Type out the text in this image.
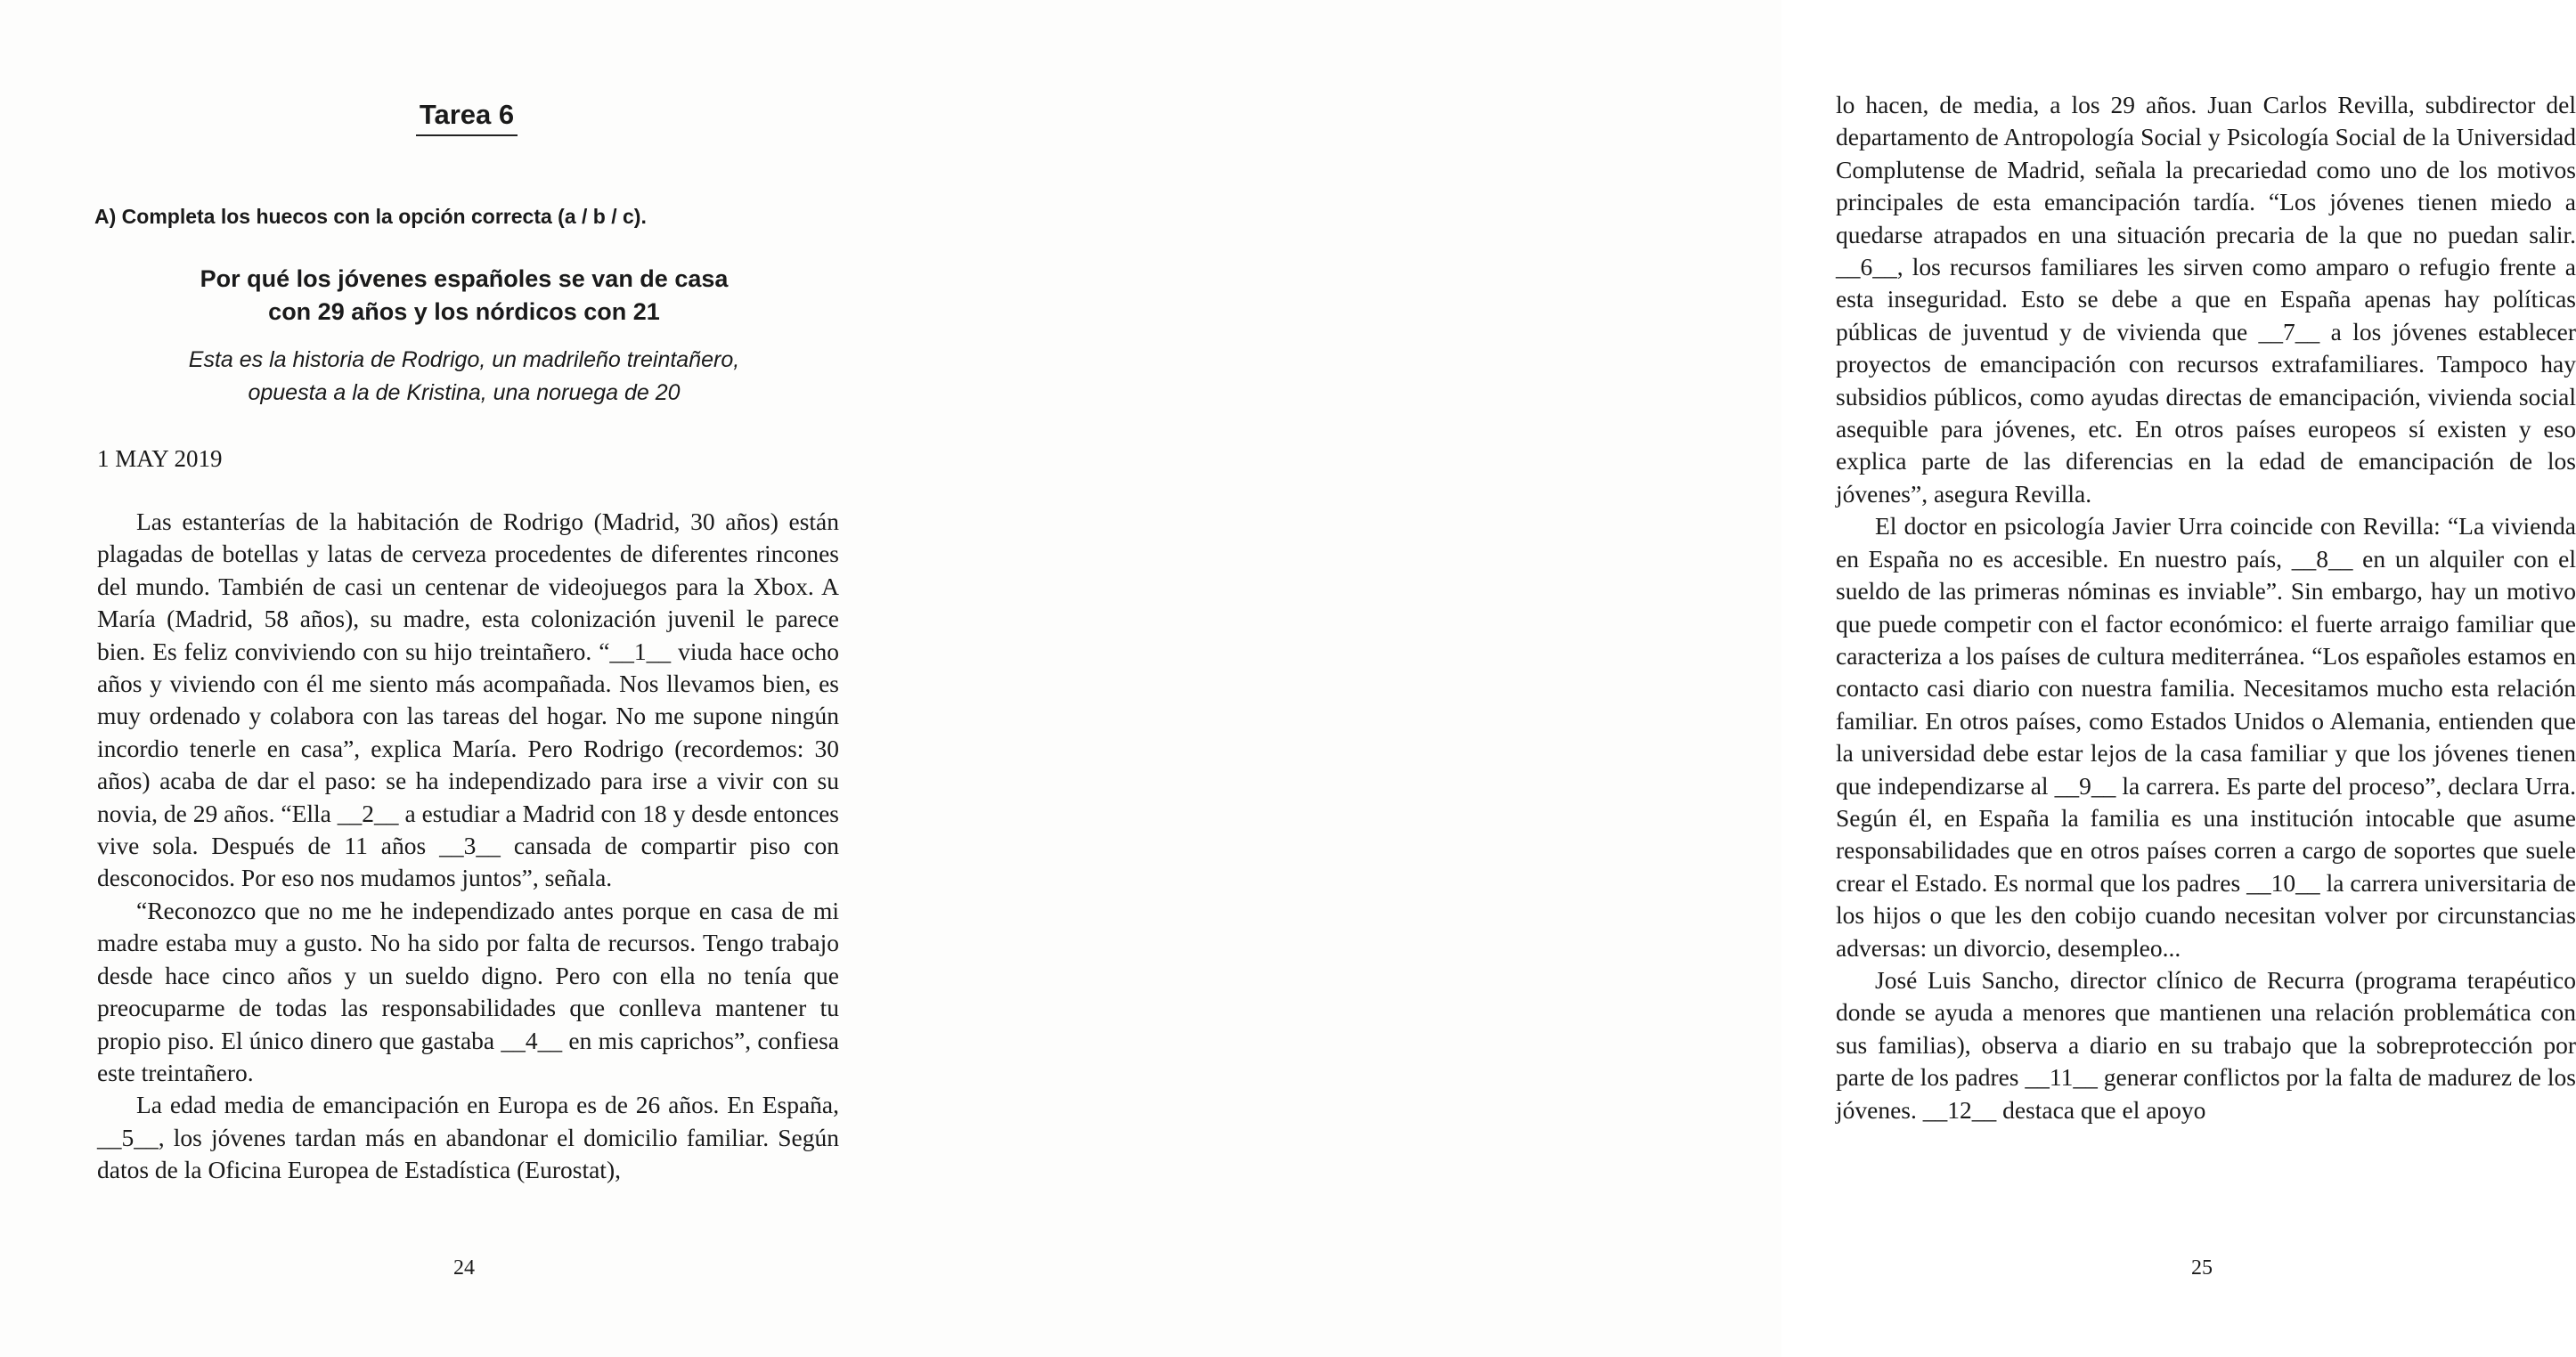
Tarea 6
A) Completa los huecos con la opción correcta (a / b / c).
Por qué los jóvenes españoles se van de casa
con 29 años y los nórdicos con 21
Esta es la historia de Rodrigo, un madrileño treintañero,
opuesta a la de Kristina, una noruega de 20
1 MAY 2019

Las estanterías de la habitación de Rodrigo (Madrid, 30 años) están plagadas de botellas y latas de cerveza procedentes de diferentes rincones del mundo. También de casi un centenar de videojuegos para la Xbox. A María (Madrid, 58 años), su madre, esta colonización juvenil le parece bien. Es feliz conviviendo con su hijo treintañero. “__1__ viuda hace ocho años y viviendo con él me siento más acompañada. Nos llevamos bien, es muy ordenado y colabora con las tareas del hogar. No me supone ningún incordio tenerle en casa”, explica María. Pero Rodrigo (recordemos: 30 años) acaba de dar el paso: se ha independizado para irse a vivir con su novia, de 29 años. “Ella __2__ a estudiar a Madrid con 18 y desde entonces vive sola. Después de 11 años __3__ cansada de compartir piso con desconocidos. Por eso nos mudamos juntos”, señala.

“Reconozco que no me he independizado antes porque en casa de mi madre estaba muy a gusto. No ha sido por falta de recursos. Tengo trabajo desde hace cinco años y un sueldo digno. Pero con ella no tenía que preocuparme de todas las responsabilidades que conlleva mantener tu propio piso. El único dinero que gastaba __4__ en mis caprichos”, confiesa este treintañero.

La edad media de emancipación en Europa es de 26 años. En España, __5__, los jóvenes tardan más en abandonar el domicilio familiar. Según datos de la Oficina Europea de Estadística (Eurostat),

24

lo hacen, de media, a los 29 años. Juan Carlos Revilla, subdirector del departamento de Antropología Social y Psicología Social de la Universidad Complutense de Madrid, señala la precariedad como uno de los motivos principales de esta emancipación tardía. “Los jóvenes tienen miedo a quedarse atrapados en una situación precaria de la que no puedan salir. __6__, los recursos familiares les sirven como amparo o refugio frente a esta inseguridad. Esto se debe a que en España apenas hay políticas públicas de juventud y de vivienda que __7__ a los jóvenes establecer proyectos de emancipación con recursos extrafamiliares. Tampoco hay subsidios públicos, como ayudas directas de emancipación, vivienda social asequible para jóvenes, etc. En otros países europeos sí existen y eso explica parte de las diferencias en la edad de emancipación de los jóvenes”, asegura Revilla.

El doctor en psicología Javier Urra coincide con Revilla: “La vivienda en España no es accesible. En nuestro país, __8__ en un alquiler con el sueldo de las primeras nóminas es inviable”. Sin embargo, hay un motivo que puede competir con el factor económico: el fuerte arraigo familiar que caracteriza a los países de cultura mediterránea. “Los españoles estamos en contacto casi diario con nuestra familia. Necesitamos mucho esta relación familiar. En otros países, como Estados Unidos o Alemania, entienden que la universidad debe estar lejos de la casa familiar y que los jóvenes tienen que independizarse al __9__ la carrera. Es parte del proceso”, declara Urra. Según él, en España la familia es una institución intocable que asume responsabilidades que en otros países corren a cargo de soportes que suele crear el Estado. Es normal que los padres __10__ la carrera universitaria de los hijos o que les den cobijo cuando necesitan volver por circunstancias adversas: un divorcio, desempleo...

José Luis Sancho, director clínico de Recurra (programa terapéutico donde se ayuda a menores que mantienen una relación problemática con sus familias), observa a diario en su trabajo que la sobreprotección por parte de los padres __11__ generar conflictos por la falta de madurez de los jóvenes. __12__ destaca que el apoyo

25
